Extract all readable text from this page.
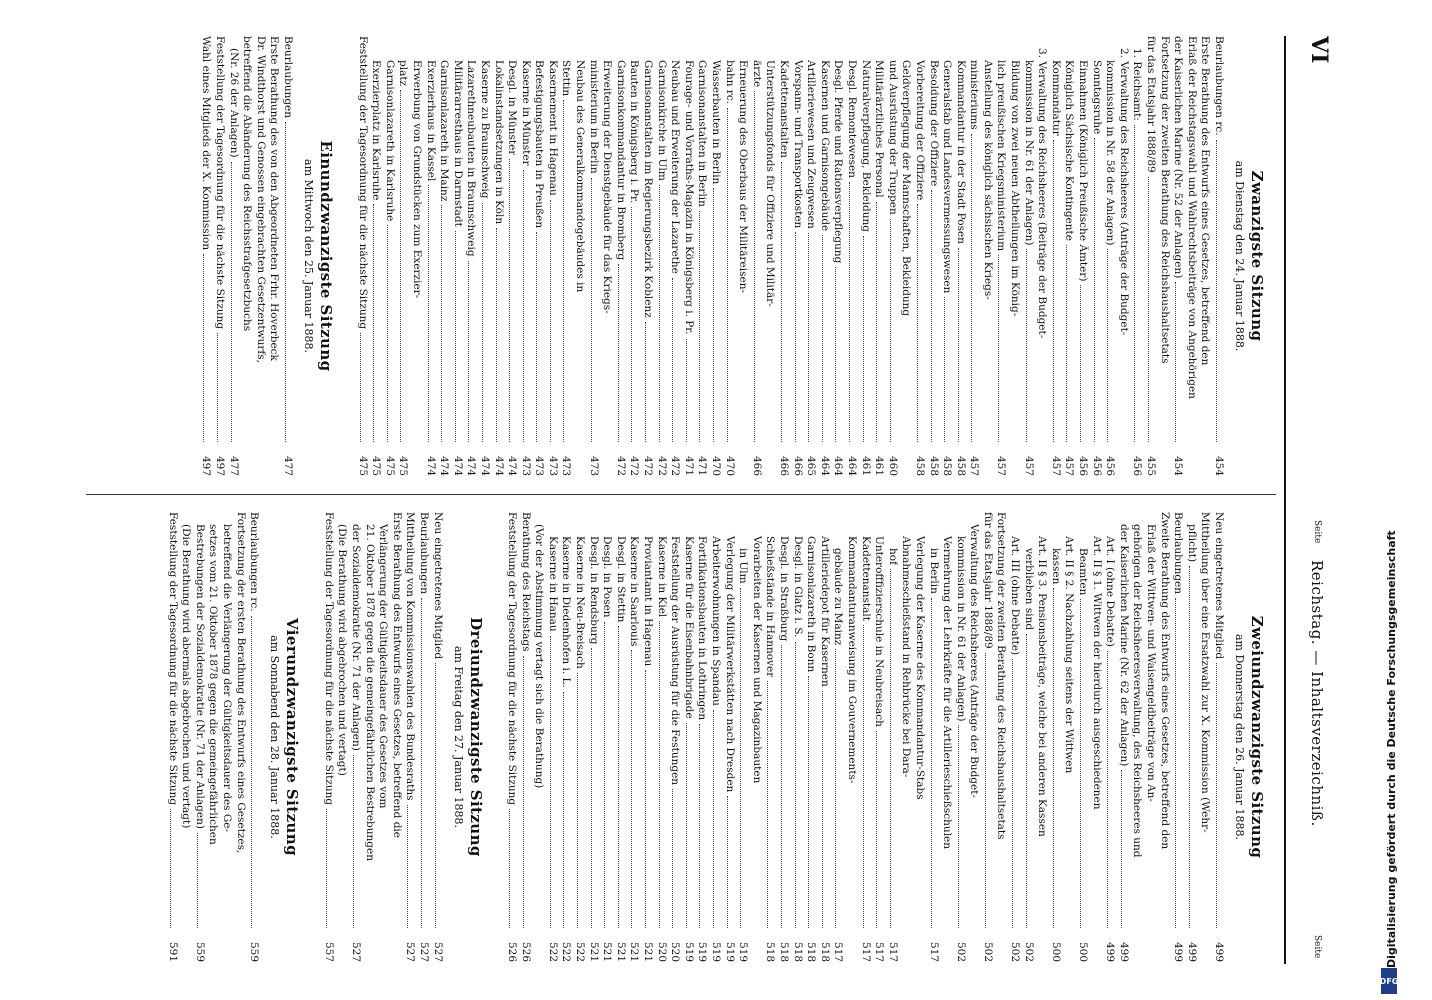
VI
Seite
Reichstag. — Inhaltsverzeichniß.
Seite
Zwanzigste Sitzung
am Dienstag den 24. Januar 1888.
Beurlaubungen rc.
454
Erste Berathung des Entwurfs eines Gesetzes, betreffend den
Erlaß der Reichstagswahl und Wahlrechtsbeiträge von Angehörigen
der Kaiserlichen Marine (Nr. 52 der Anlagen)
454
Fortsetzung der zweiten Berathung des Reichshaushaltsetats
für das Etatsjahr 1888/89
455
1. Reichsamt:
456
2. Verwaltung des Reichsheeres (Anträge der Budget-
kommission in Nr. 58 der Anlagen)
456
Sonntagsruhe
456
Einnahmen (Königlich Preußische Ämter)
456
Königlich Sächsische Kontingente
457
Kommandatur
457
3. Verwaltung des Reichsheeres (Beiträge der Budget-
kommission in Nr. 61 der Anlagen)
457
Bildung von zwei neuen Abtheilungen im König-
lich preußischen Kriegsministerium
457
Anstellung des königlich sächsischen Kriegs-
ministeriums
457
Kommandantur in der Stadt Posen
458
Generalstab und Landesvermessungswesen
458
Besoldung der Offiziere
458
Vorbereitung der Offiziere
458
Geldverpflegung der Mannschaften, Bekleidung
und Ausrüstung der Truppen
460
Militärärztliches Personal
461
Naturalverpflegung, Bekleidung
461
Desgl. Remontewesen
464
Desgl. Pferde und Rationsverpflegung
464
Kasernen und Garnisongebäude
464
Artilleriewesen und Zeugwesen
465
Vorspann- und Transportkosten
466
Kadettenanstalten
466
Unterstützungsfonds für Offiziere und Militär-
ärzte
466
Erneuerung des Oberbaus der Militäreisen-
bahn rc.
470
Wasserbauten in Berlin
470
Garnisonanstalten in Berlin
471
Fourage- und Vorraths-Magazin in Königsberg i. Pr.
471
Neubau und Erweiterung der Lazarethe
472
Garnisonkirche in Ulm
472
Garnisonanstalten im Regierungsbezirk Koblenz
472
Bauten in Königsberg i. Pr.
472
Garnisonkommandantur in Bromberg
472
Erweiterung der Dienstgebäude für das Kriegs-
ministerium in Berlin
473
Neubau des Generalkommandogebäudes in
Stettin
473
Kasernement in Hagenau
473
Befestigungsbauten in Preußen
473
Kaserne in Münster
473
Desgl. in Münster
474
Lokalinstandsetzungen in Köln
474
Kaserne zu Braunschweig
474
Lazarethneubauten in Braunschweig
474
Militärarresthaus in Darmstadt
474
Garnisonlazareth in Mainz
474
Exerzierhaus in Kassel
474
Erwerbung von Grundstücken zum Exerzier-
platz
475
Garnisonlazareth in Karlsruhe
475
Exerzierplatz in Karlsruhe
475
Feststellung der Tagesordnung für die nächste Sitzung
475
Einundzwanzigste Sitzung
am Mittwoch den 25. Januar 1888.
Beurlaubungen
477
Erste Berathung des von den Abgeordneten Frhr. Hoverbeck
Dr. Windthorst und Genossen eingebrachten Gesetzentwurfs,
betreffend die Abänderung des Reichsstrafgesetzbuchs
(Nr. 26 der Anlagen)
477
Feststellung der Tagesordnung für die nächste Sitzung
497
Wahl eines Mitglieds der X. Kommission
497
Zweiundzwanzigste Sitzung
am Donnerstag den 26. Januar 1888.
Neu eingetretenes Mitglied
499
Mittheilung über eine Ersatzwahl zur X. Kommission (Wehr-
pflicht)
499
Beurlaubungen
499
Zweite Berathung des Entwurfs eines Gesetzes, betreffend den
Erlaß der Wittwen- und Waisengeldbeiträge von An-
gehörigen der Reichsheeresverwaltung, des Reichsheeres und
der Kaiserlichen Marine (Nr. 62 der Anlagen)
499
Art. I (ohne Debatte)
499
Art. II § 1. Wittwen der hierdurch ausgeschiedenen
Beamten
500
Art. II § 2. Nachzahlung seitens der Wittwen
kassen
500
Art. II § 3. Pensionsbeiträge, welche bei anderen Kassen
verblieben sind
502
Art. III (ohne Debatte)
502
Fortsetzung der zweiten Berathung des Reichshaushaltsetats
für das Etatsjahr 1888/89
502
Verwaltung des Reichsheeres (Anträge der Budget-
kommission in Nr. 61 der Anlagen)
502
Vermehrung der Lehrkräfte für die Artillerieschießschulen
in Berlin
517
Verlegung der Kaserne des Kommandantur-Stabs
Abnahmeschießstand in Rehbrücke bei Dara-
hof
517
Unterofffizierschule in Neubreisach
517
Kadettenanstalt
517
Kommandanturanweisung im Gouvernements-
gebäude zu Mainz
517
Artilleriedepot für Kasernen
518
Garnisonlazareth in Bonn
518
Desgl. in Glatz i. S.
518
Desgl. in Straßburg
518
Schießstände in Hannover
518
Vorarbeiten der Kasernen und Magazinbauten
in Ulm
519
Verlegung der Militärwerkstätten nach Dresden
519
Arbeiterwohnungen in Spandau
519
Fortifikationsbauten in Lothringen
519
Kaserne für die Eisenbahnbrigade
519
Feststellung der Ausrüstung für die Festungen
520
Kaserne in Kiel
520
Proviantamt in Hagenau
521
Kaserne in Saarlouis
521
Desgl. in Stettin
521
Desgl. in Posen
521
Desgl. in Rendsburg
521
Kaserne in Neu-Breisach
522
Kaserne in Diedenhofen i. L.
522
Kaserne in Hanau
522
(Vor der Abstimmung vertagt sich die Berathung)
Berathung des Reichstags
526
Feststellung der Tagesordnung für die nächste Sitzung
526
Dreiundzwanzigste Sitzung
am Freitag den 27. Januar 1888.
Neu eingetretenes Mitglied
527
Beurlaubungen
527
Mittheilung von Kommissionswahlen des Bundesraths
527
Erste Berathung des Entwurfs eines Gesetzes, betreffend die
Verlängerung der Gültigkeitsdauer des Gesetzes vom
21. Oktober 1878 gegen die gemeingefährlichen Bestrebungen
der Sozialdemokratie (Nr. 71 der Anlagen)
527
(Die Berathung wird abgebrochen und vertagt)
Feststellung der Tagesordnung für die nächste Sitzung
557
Vierundzwanzigste Sitzung
am Sonnabend den 28. Januar 1888.
Beurlaubungen rc.
559
Fortsetzung der ersten Berathung des Entwurfs eines Gesetzes,
betreffend die Verlängerung der Gültigkeitsdauer des Ge-
setzes vom 21. Oktober 1878 gegen die gemeingefährlichen
Bestrebungen der Sozialdemokratie (Nr. 71 der Anlagen)
559
(Die Berathung wird abermals abgebrochen und vertagt)
Feststellung der Tagesordnung für die nächste Sitzung
591	Digitalisierung gefördert durch die Deutsche Forschungsgemeinschaft
DFG
